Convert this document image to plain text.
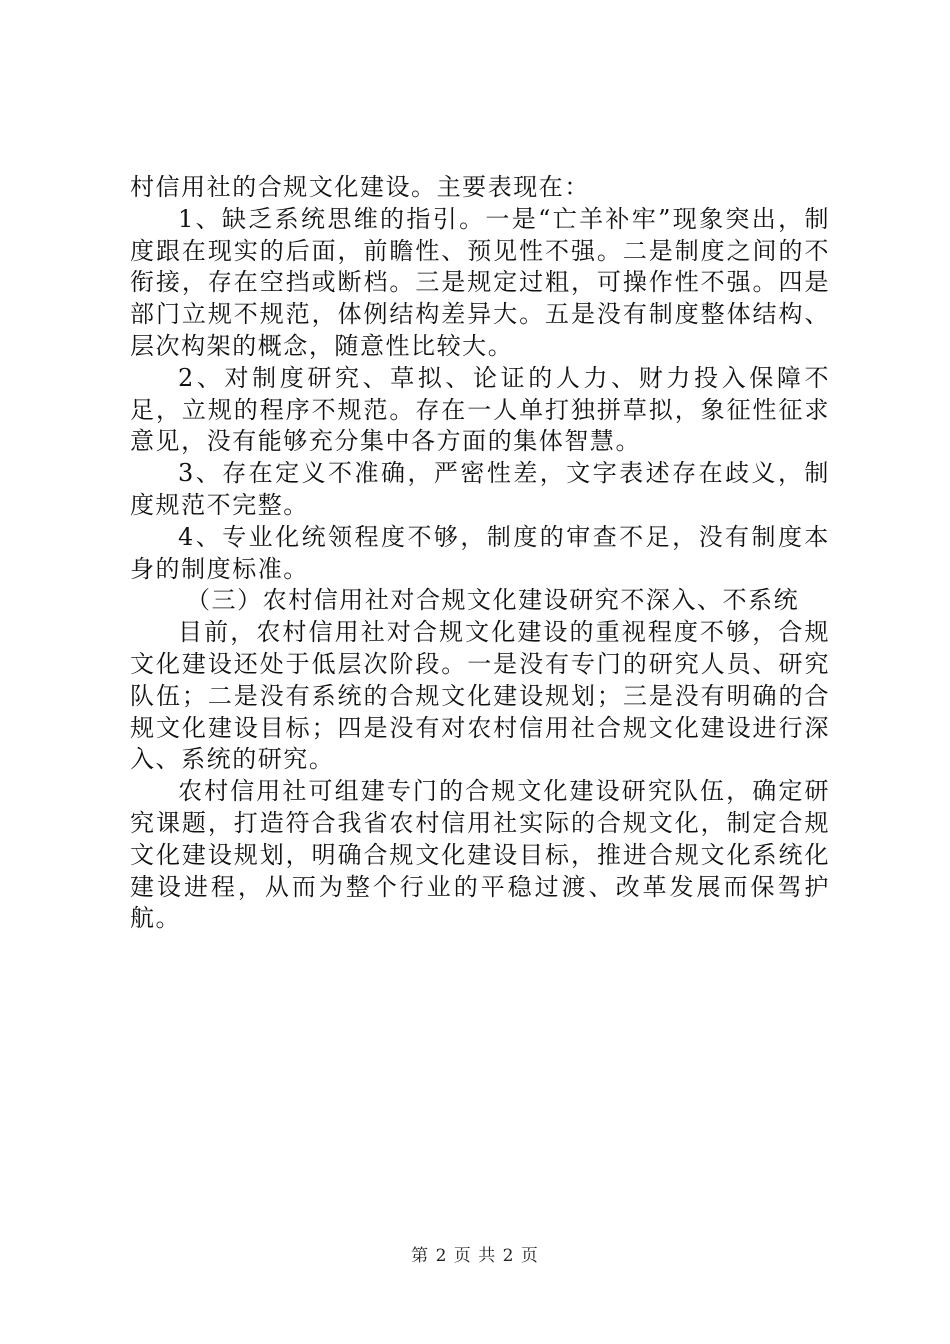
村信用社的合规文化建设。主要表现在：

1、缺乏系统思维的指引。一是“亡羊补牢”现象突出，制度跟在现实的后面，前瞻性、预见性不强。二是制度之间的不衔接，存在空挡或断档。三是规定过粗，可操作性不强。四是部门立规不规范，体例结构差异大。五是没有制度整体结构、层次构架的概念，随意性比较大。

2、对制度研究、草拟、论证的人力、财力投入保障不足，立规的程序不规范。存在一人单打独拼草拟，象征性征求意见，没有能够充分集中各方面的集体智慧。

3、存在定义不准确，严密性差，文字表述存在歧义，制度规范不完整。

4、专业化统领程度不够，制度的审查不足，没有制度本身的制度标准。

（三）农村信用社对合规文化建设研究不深入、不系统

目前，农村信用社对合规文化建设的重视程度不够，合规文化建设还处于低层次阶段。一是没有专门的研究人员、研究队伍；二是没有系统的合规文化建设规划；三是没有明确的合规文化建设目标；四是没有对农村信用社合规文化建设进行深入、系统的研究。

农村信用社可组建专门的合规文化建设研究队伍，确定研究课题，打造符合我省农村信用社实际的合规文化，制定合规文化建设规划，明确合规文化建设目标，推进合规文化系统化建设进程，从而为整个行业的平稳过渡、改革发展而保驾护航。

第 2 页 共 2 页
